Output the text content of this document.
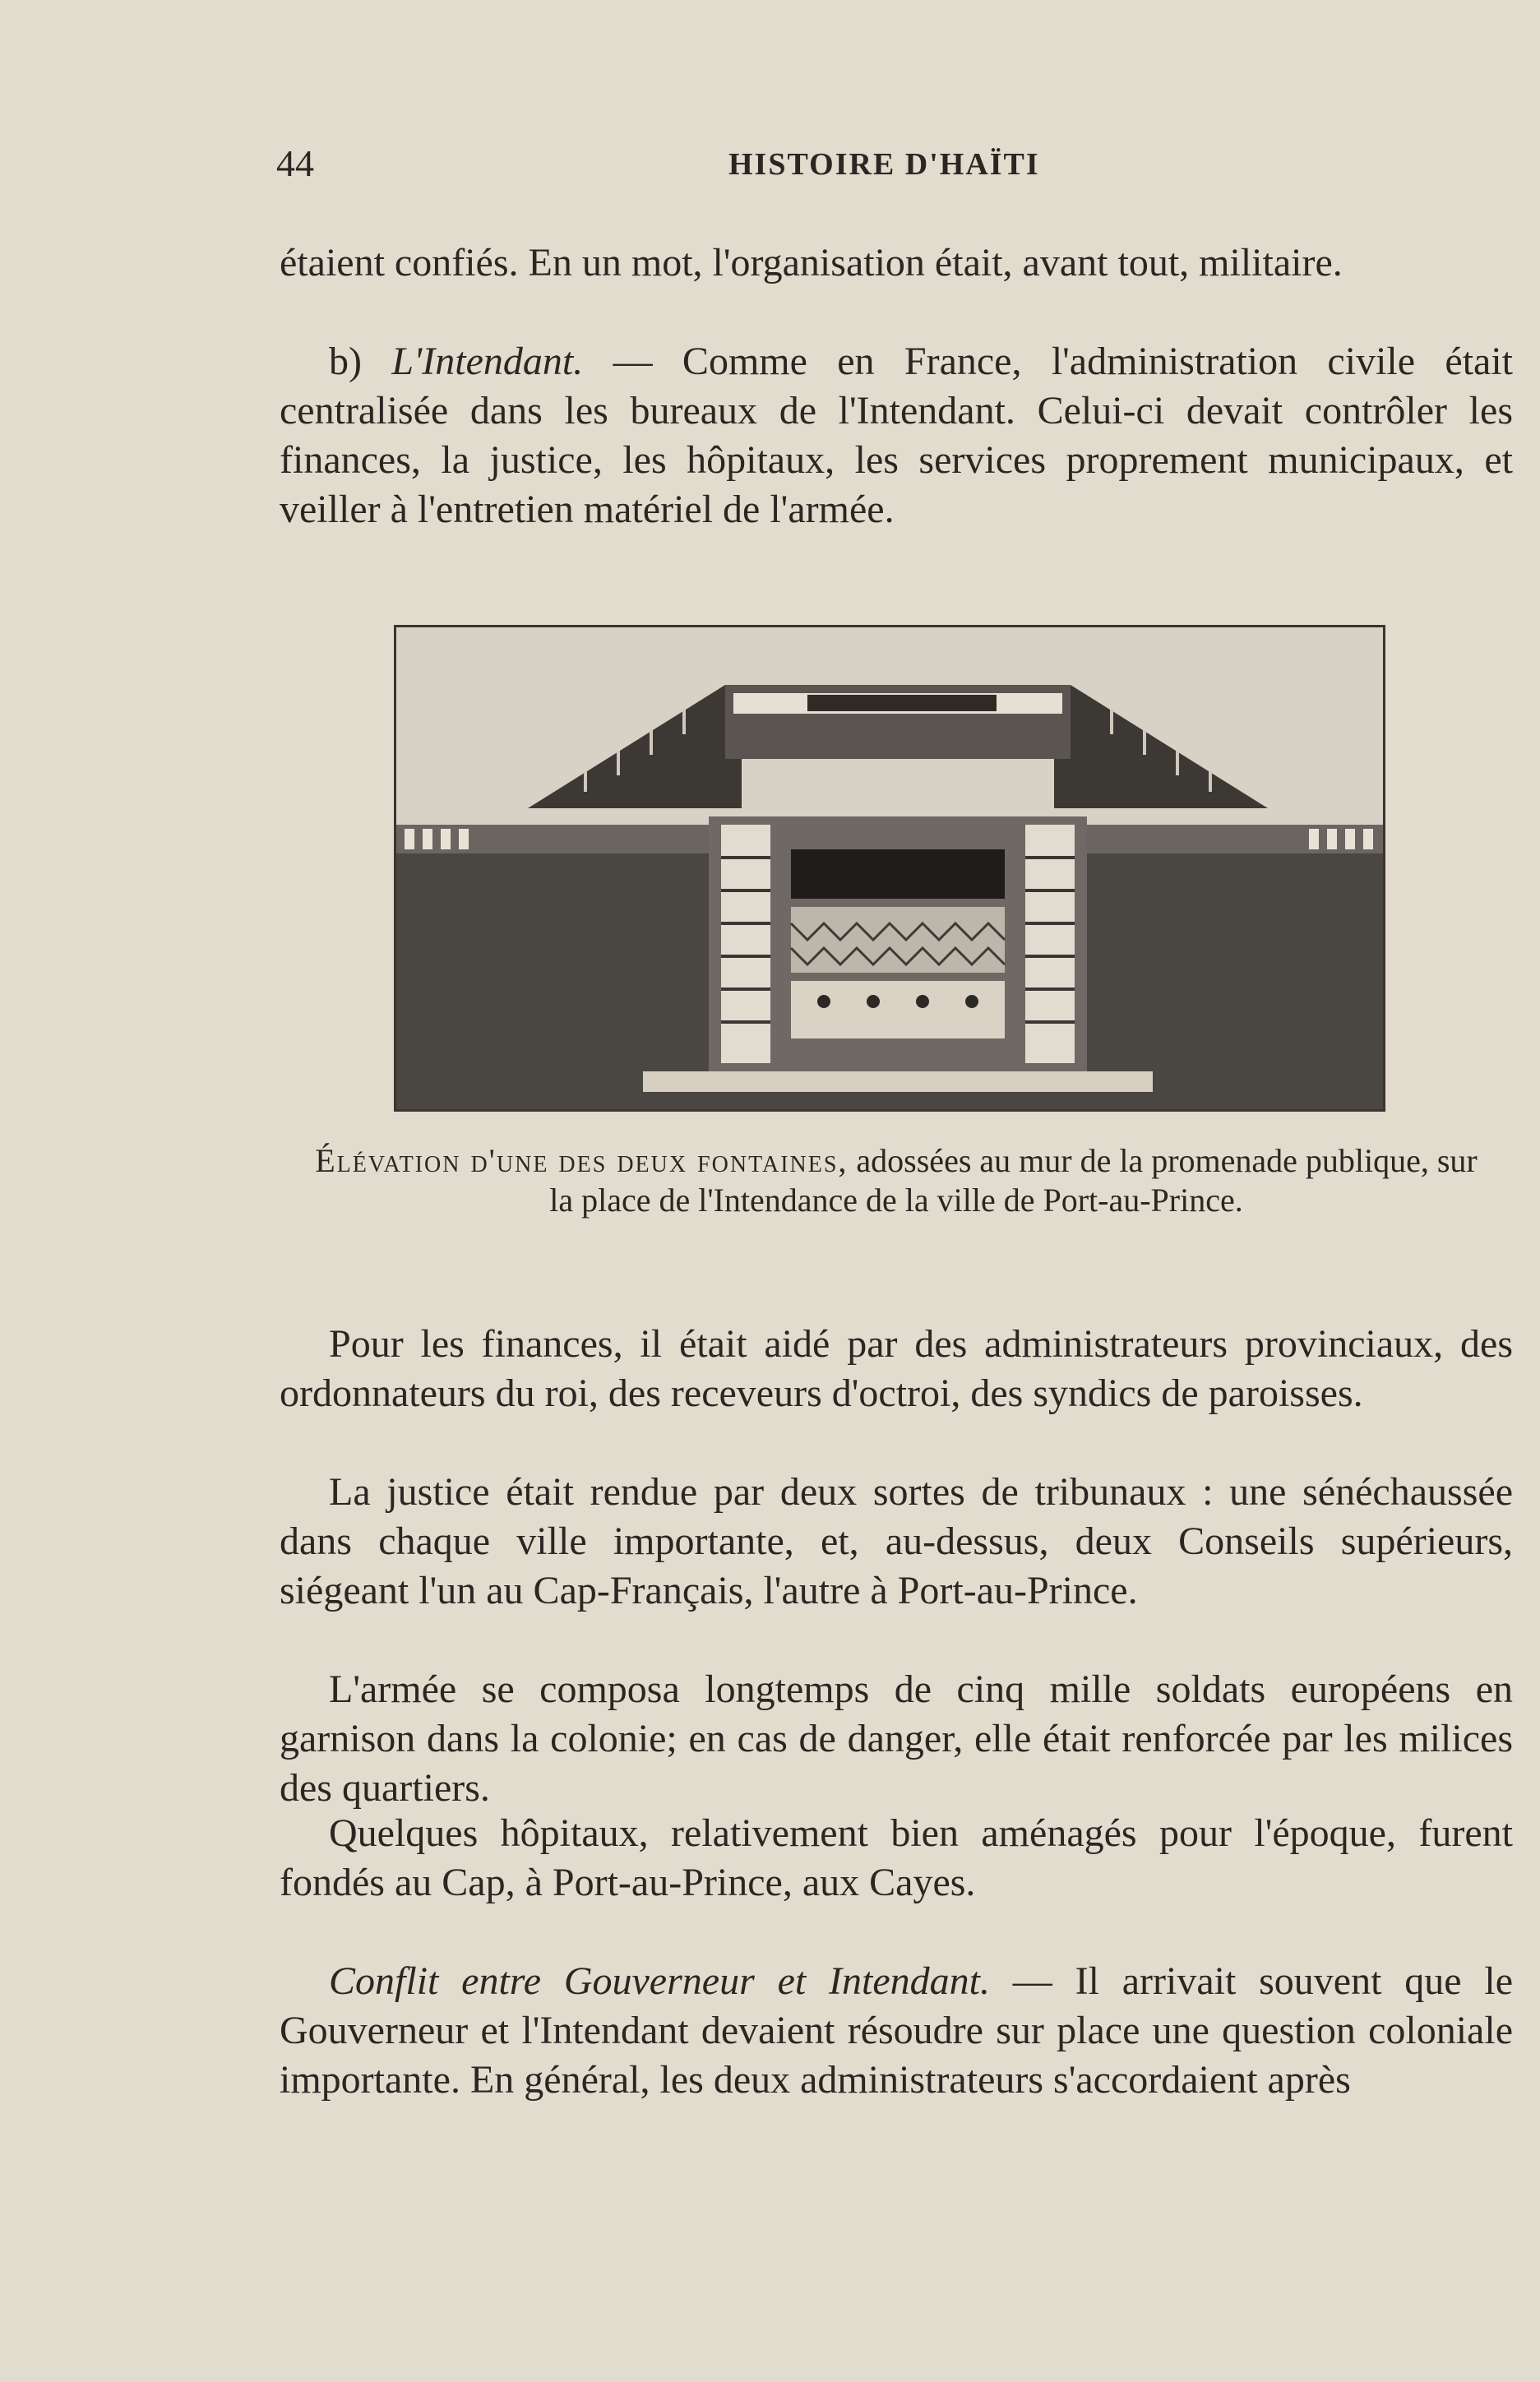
44	HISTOIRE D'HAÏTI

étaient confiés. En un mot, l'organisation était, avant tout, militaire.

b) L'Intendant. — Comme en France, l'administration civile était centralisée dans les bureaux de l'Intendant. Celui-ci devait contrôler les finances, la justice, les hôpitaux, les services proprement municipaux, et veiller à l'entretien matériel de l'armée.

Élévation d'une des deux fontaines, adossées au mur de la promenade publique, sur la place de l'Intendance de la ville de Port-au-Prince.

Pour les finances, il était aidé par des administrateurs provinciaux, des ordonnateurs du roi, des receveurs d'octroi, des syndics de paroisses.

La justice était rendue par deux sortes de tribunaux : une sénéchaussée dans chaque ville importante, et, au-dessus, deux Conseils supérieurs, siégeant l'un au Cap-Français, l'autre à Port-au-Prince.

L'armée se composa longtemps de cinq mille soldats européens en garnison dans la colonie; en cas de danger, elle était renforcée par les milices des quartiers.

Quelques hôpitaux, relativement bien aménagés pour l'époque, furent fondés au Cap, à Port-au-Prince, aux Cayes.

Conflit entre Gouverneur et Intendant. — Il arrivait souvent que le Gouverneur et l'Intendant devaient résoudre sur place une question coloniale importante. En général, les deux administrateurs s'accordaient après
